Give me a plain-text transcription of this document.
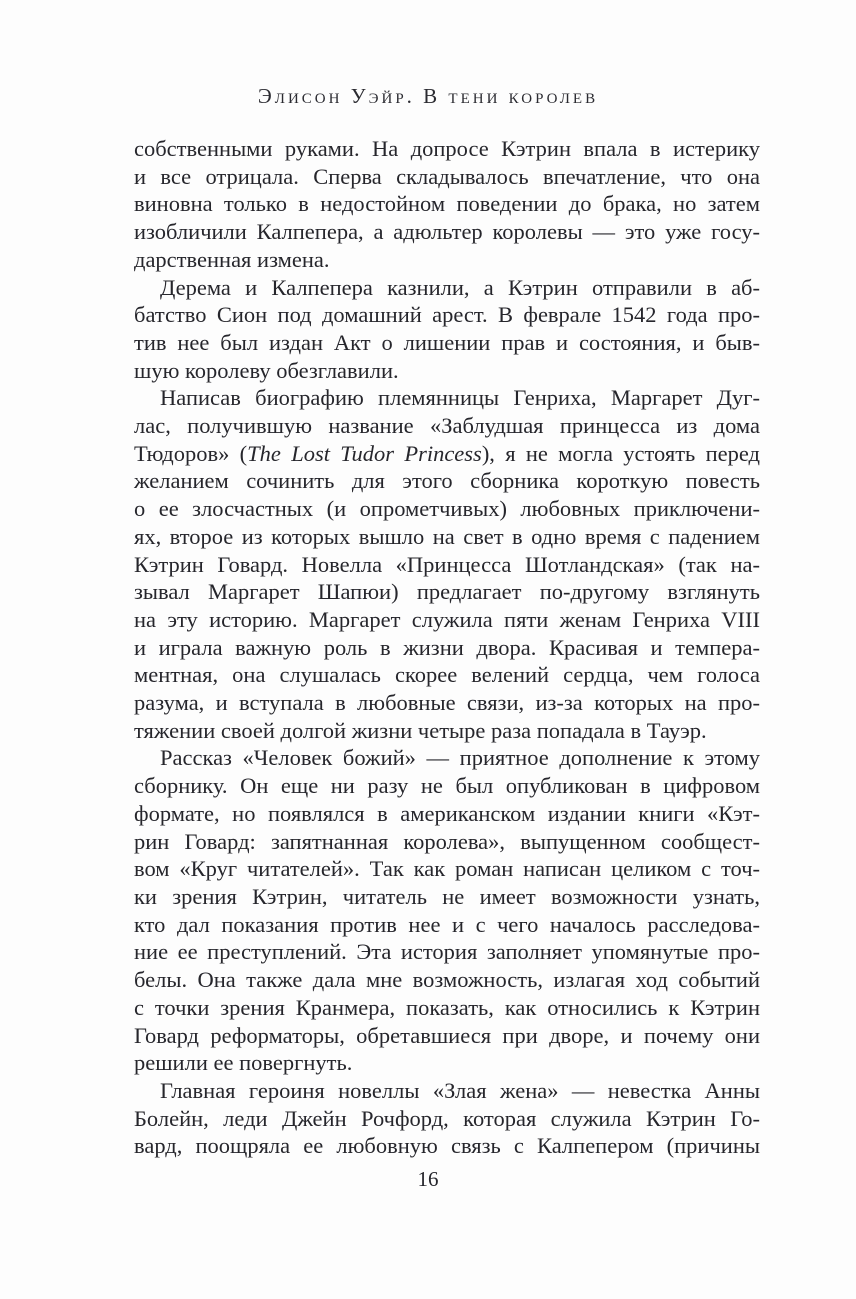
Элисон Уэйр. В тени королев
собственными руками. На допросе Кэтрин впала в истерику
и все отрицала. Сперва складывалось впечатление, что она
виновна только в недостойном поведении до брака, но затем
изобличили Калпепера, а адюльтер королевы — это уже госу-
дарственная измена.
Дерема и Калпепера казнили, а Кэтрин отправили в аб-
батство Сион под домашний арест. В феврале 1542 года про-
тив нее был издан Акт о лишении прав и состояния, и быв-
шую королеву обезглавили.
Написав биографию племянницы Генриха, Маргарет Дуг-
лас, получившую название «Заблудшая принцесса из дома
Тюдоров» (The Lost Tudor Princess), я не могла устоять перед
желанием сочинить для этого сборника короткую повесть
о ее злосчастных (и опрометчивых) любовных приключени-
ях, второе из которых вышло на свет в одно время с падением
Кэтрин Говард. Новелла «Принцесса Шотландская» (так на-
зывал Маргарет Шапюи) предлагает по-другому взглянуть
на эту историю. Маргарет служила пяти женам Генриха VIII
и играла важную роль в жизни двора. Красивая и темпера-
ментная, она слушалась скорее велений сердца, чем голоса
разума, и вступала в любовные связи, из-за которых на про-
тяжении своей долгой жизни четыре раза попадала в Тауэр.
Рассказ «Человек божий» — приятное дополнение к этому
сборнику. Он еще ни разу не был опубликован в цифровом
формате, но появлялся в американском издании книги «Кэт-
рин Говард: запятнанная королева», выпущенном сообщест-
вом «Круг читателей». Так как роман написан целиком с точ-
ки зрения Кэтрин, читатель не имеет возможности узнать,
кто дал показания против нее и с чего началось расследова-
ние ее преступлений. Эта история заполняет упомянутые про-
белы. Она также дала мне возможность, излагая ход событий
с точки зрения Кранмера, показать, как относились к Кэтрин
Говард реформаторы, обретавшиеся при дворе, и почему они
решили ее повергнуть.
Главная героиня новеллы «Злая жена» — невестка Анны
Болейн, леди Джейн Рочфорд, которая служила Кэтрин Го-
вард, поощряла ее любовную связь с Калпепером (причины
16
